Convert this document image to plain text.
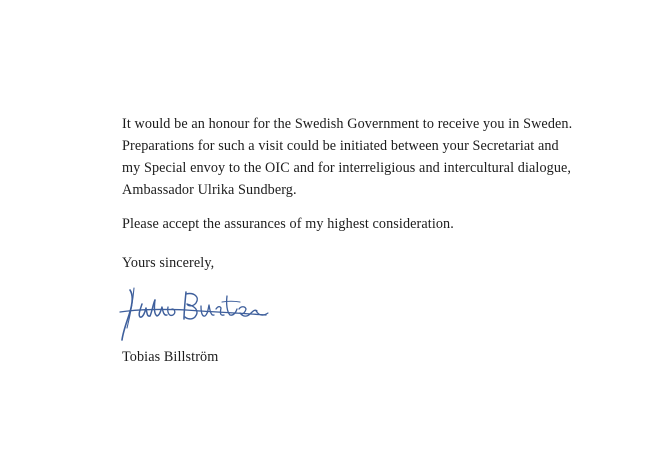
It would be an honour for the Swedish Government to receive you in Sweden.
Preparations for such a visit could be initiated between your Secretariat and
my Special envoy to the OIC and for interreligious and intercultural dialogue,
Ambassador Ulrika Sundberg.
Please accept the assurances of my highest consideration.
Yours sincerely,
Tobias Billström
